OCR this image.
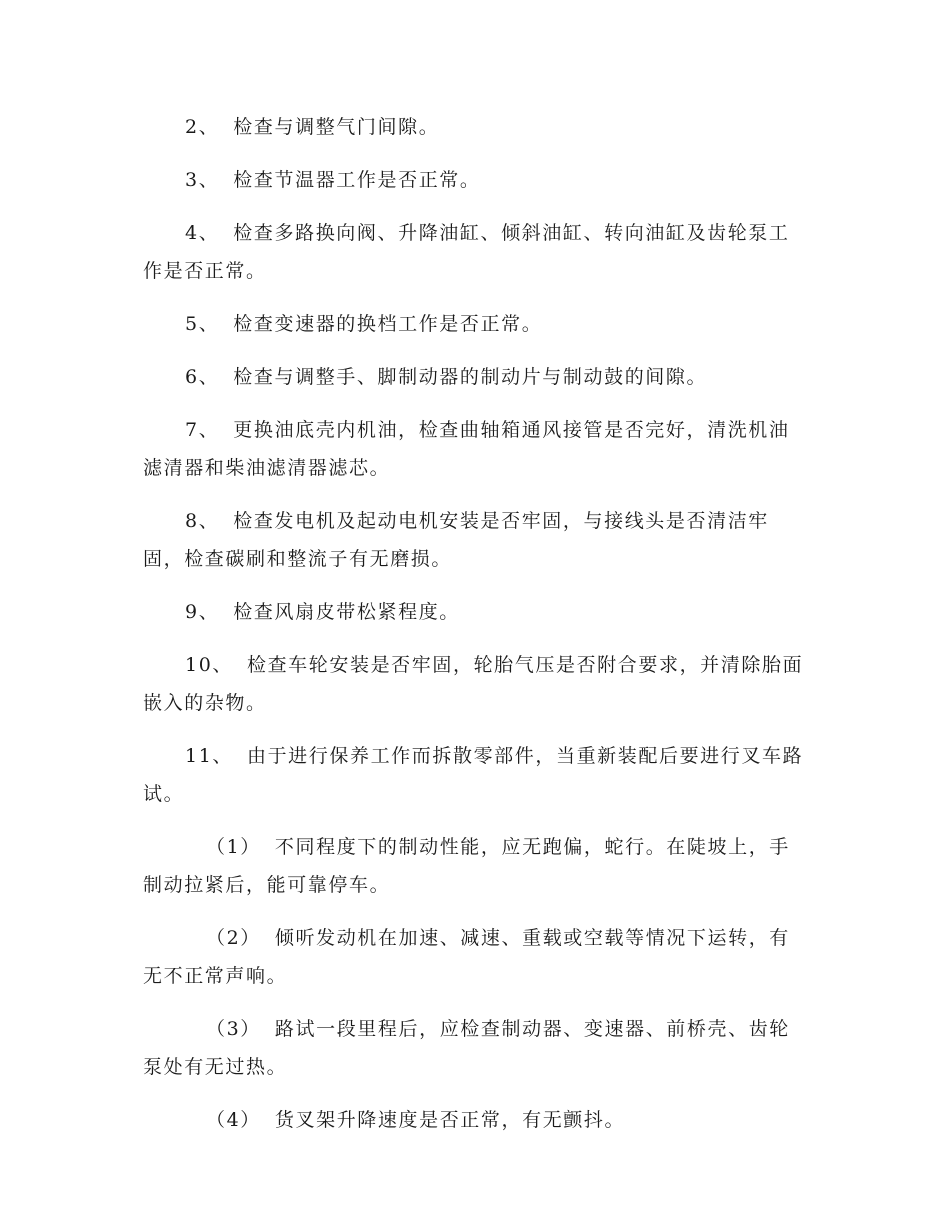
2、 检查与调整气门间隙。

3、 检查节温器工作是否正常。

4、 检查多路换向阀、升降油缸、倾斜油缸、转向油缸及齿轮泵工作是否正常。

5、 检查变速器的换档工作是否正常。

6、 检查与调整手、脚制动器的制动片与制动鼓的间隙。

7、 更换油底壳内机油，检查曲轴箱通风接管是否完好，清洗机油滤清器和柴油滤清器滤芯。

8、 检查发电机及起动电机安装是否牢固，与接线头是否清洁牢固，检查碳刷和整流子有无磨损。

9、 检查风扇皮带松紧程度。

10、 检查车轮安装是否牢固，轮胎气压是否附合要求，并清除胎面嵌入的杂物。

11、 由于进行保养工作而拆散零部件，当重新装配后要进行叉车路试。

（1） 不同程度下的制动性能，应无跑偏，蛇行。在陡坡上，手制动拉紧后，能可靠停车。

（2） 倾听发动机在加速、减速、重载或空载等情况下运转，有无不正常声响。

（3） 路试一段里程后，应检查制动器、变速器、前桥壳、齿轮泵处有无过热。

（4） 货叉架升降速度是否正常，有无颤抖。
